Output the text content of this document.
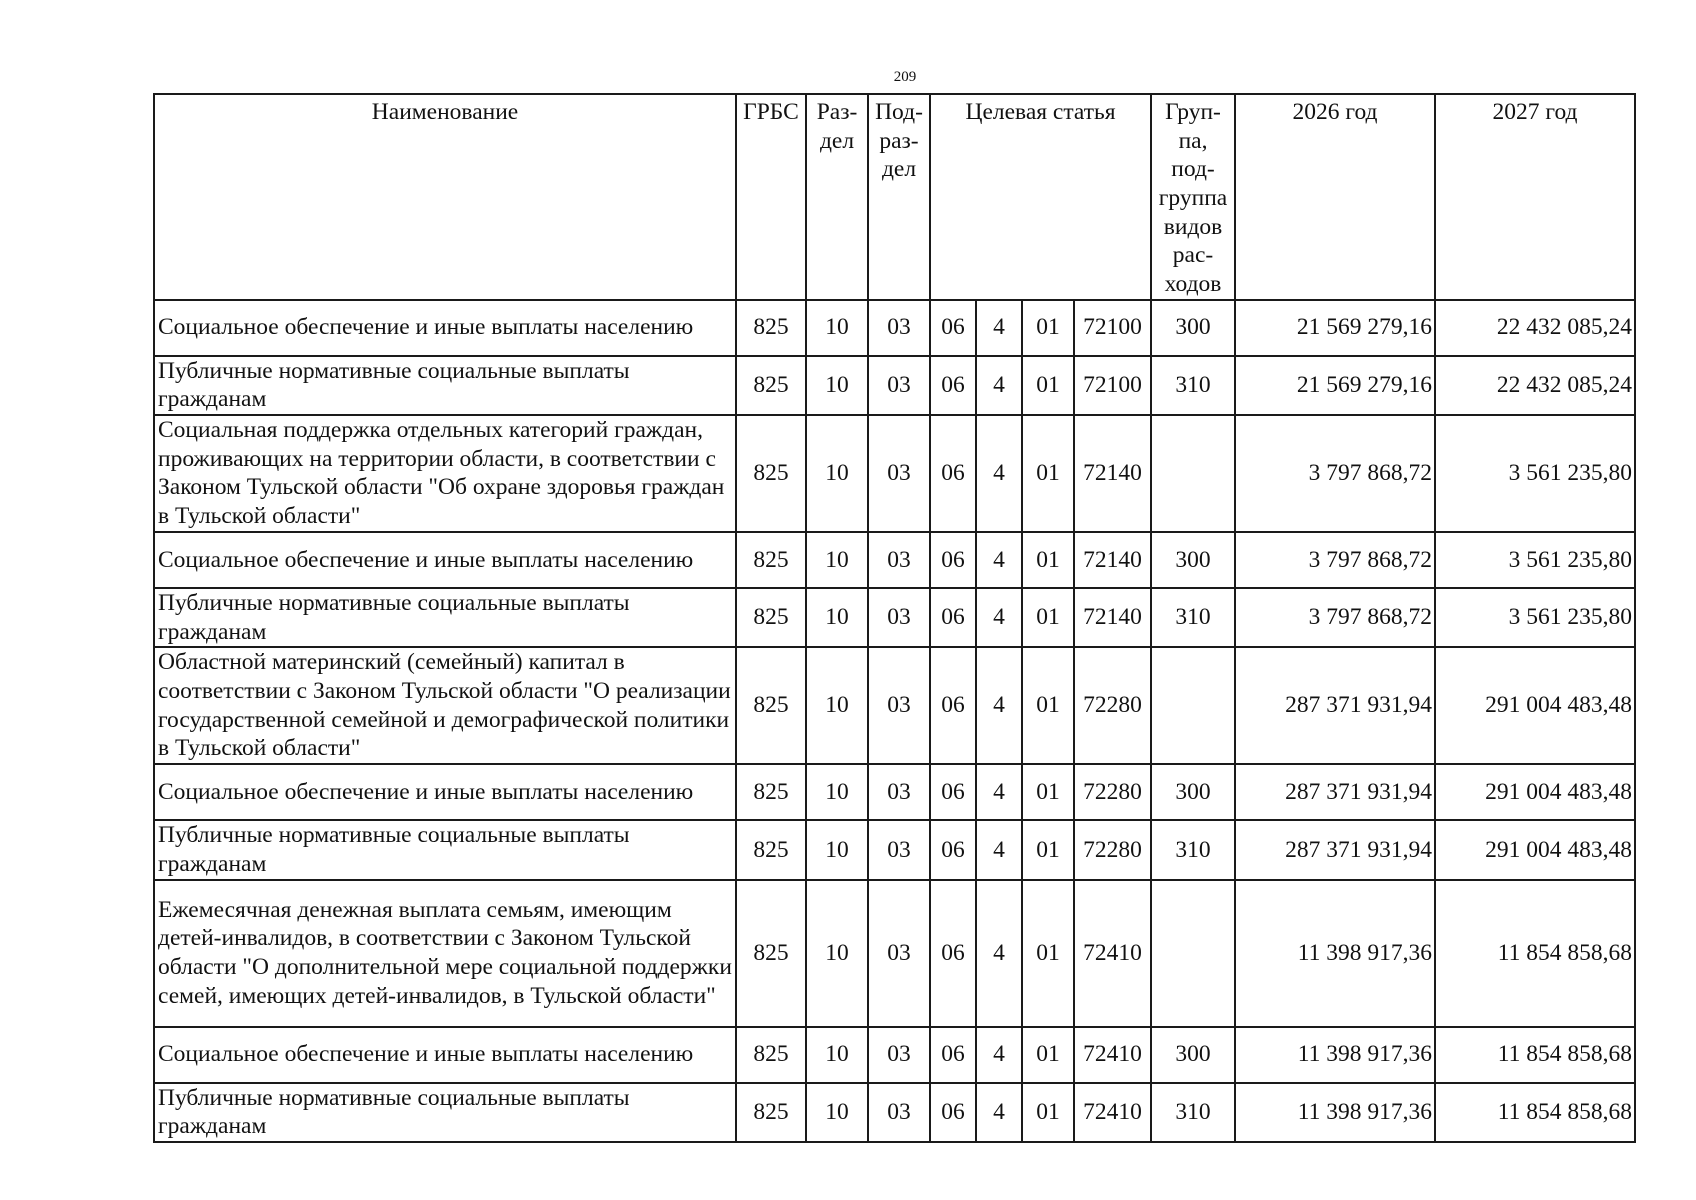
209
Наименование	ГРБС	Раз-дел	Под-раз-дел	Целевая статья				Груп-па, под-группа видов рас-ходов	2026 год	2027 год
Социальное обеспечение и иные выплаты населению	825	10	03	06	4	01	72100	300	21 569 279,16	22 432 085,24
Публичные нормативные социальные выплаты гражданам	825	10	03	06	4	01	72100	310	21 569 279,16	22 432 085,24
Социальная поддержка отдельных категорий граждан, проживающих на территории области, в соответствии с Законом Тульской области "Об охране здоровья граждан в Тульской области"	825	10	03	06	4	01	72140		3 797 868,72	3 561 235,80
Социальное обеспечение и иные выплаты населению	825	10	03	06	4	01	72140	300	3 797 868,72	3 561 235,80
Публичные нормативные социальные выплаты гражданам	825	10	03	06	4	01	72140	310	3 797 868,72	3 561 235,80
Областной материнский (семейный) капитал в соответствии с Законом Тульской области "О реализации государственной семейной и демографической политики в Тульской области"	825	10	03	06	4	01	72280		287 371 931,94	291 004 483,48
Социальное обеспечение и иные выплаты населению	825	10	03	06	4	01	72280	300	287 371 931,94	291 004 483,48
Публичные нормативные социальные выплаты гражданам	825	10	03	06	4	01	72280	310	287 371 931,94	291 004 483,48
Ежемесячная денежная выплата семьям, имеющим детей-инвалидов, в соответствии с Законом Тульской области "О дополнительной мере социальной поддержки семей, имеющих детей-инвалидов, в Тульской области"	825	10	03	06	4	01	72410		11 398 917,36	11 854 858,68
Социальное обеспечение и иные выплаты населению	825	10	03	06	4	01	72410	300	11 398 917,36	11 854 858,68
Публичные нормативные социальные выплаты гражданам	825	10	03	06	4	01	72410	310	11 398 917,36	11 854 858,68
